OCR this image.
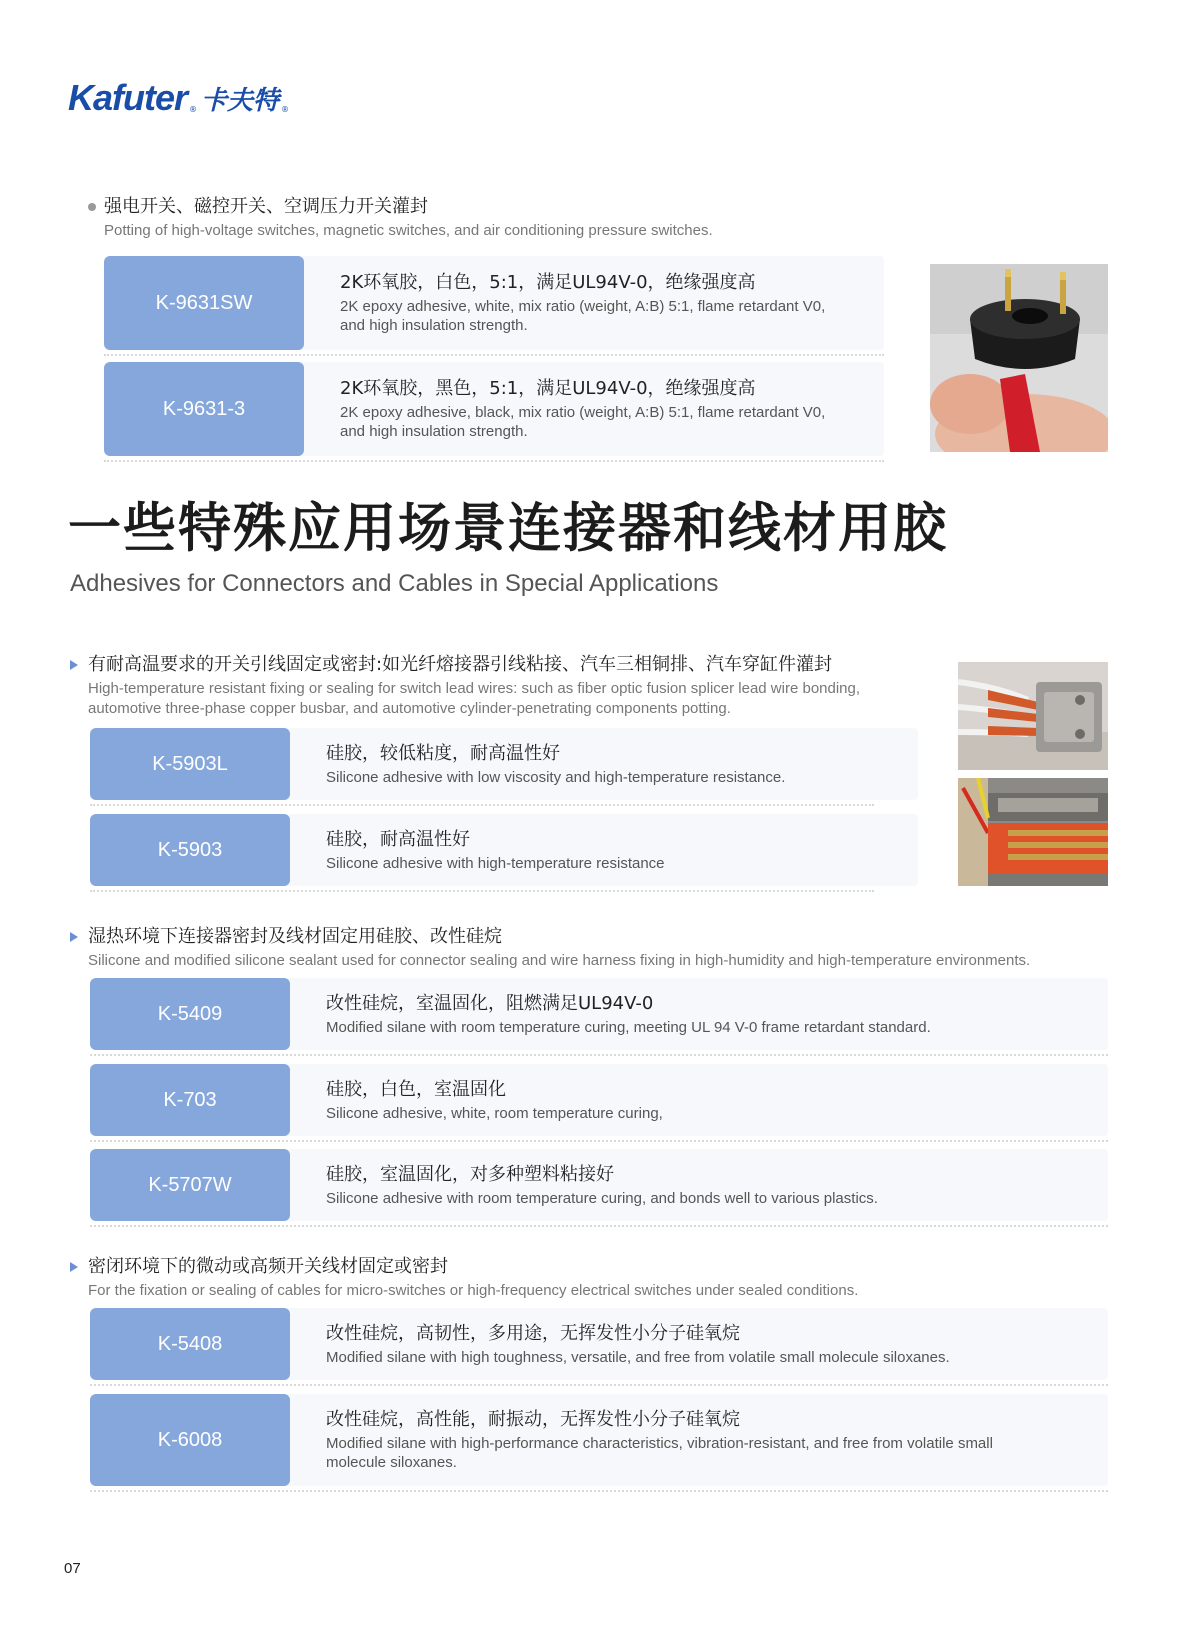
Kafuter ® 卡夫特 ®
强电开关、磁控开关、空调压力开关灌封
Potting of high-voltage switches, magnetic switches, and air conditioning pressure switches.
K-9631SW
2K环氧胶，白色，5:1，满足UL94V-0，绝缘强度高
2K epoxy adhesive, white, mix ratio (weight, A:B) 5:1, flame retardant V0,
and high insulation strength.
K-9631-3
2K环氧胶，黑色，5:1，满足UL94V-0，绝缘强度高
2K epoxy adhesive, black, mix ratio (weight, A:B) 5:1, flame retardant V0,
and high insulation strength.
一些特殊应用场景连接器和线材用胶
Adhesives for Connectors and Cables in Special Applications
有耐高温要求的开关引线固定或密封:如光纤熔接器引线粘接、汽车三相铜排、汽车穿缸件灌封
High-temperature resistant fixing or sealing for switch lead wires: such as fiber optic fusion splicer lead wire bonding,
automotive three-phase copper busbar, and automotive cylinder-penetrating components potting.
K-5903L	硅胶，较低粘度，耐高温性好
Silicone adhesive with low viscosity and high-temperature resistance.
K-5903	硅胶，耐高温性好
Silicone adhesive with high-temperature resistance
湿热环境下连接器密封及线材固定用硅胶、改性硅烷
Silicone and modified silicone sealant used for connector sealing and wire harness fixing in high-humidity and high-temperature environments.
K-5409	改性硅烷，室温固化，阻燃满足UL94V-0
Modified silane with room temperature curing, meeting UL 94 V-0 frame retardant standard.
K-703	硅胶，白色，室温固化
Silicone adhesive, white, room temperature curing,
K-5707W	硅胶，室温固化，对多种塑料粘接好
Silicone adhesive with room temperature curing, and bonds well to various plastics.
密闭环境下的微动或高频开关线材固定或密封
For the fixation or sealing of cables for micro-switches or high-frequency electrical switches under sealed conditions.
K-5408	改性硅烷，高韧性，多用途，无挥发性小分子硅氧烷
Modified silane with high toughness, versatile, and free from volatile small molecule siloxanes.
K-6008
改性硅烷，高性能，耐振动，无挥发性小分子硅氧烷
Modified silane with high-performance characteristics, vibration-resistant, and free from volatile small
molecule siloxanes.
07
